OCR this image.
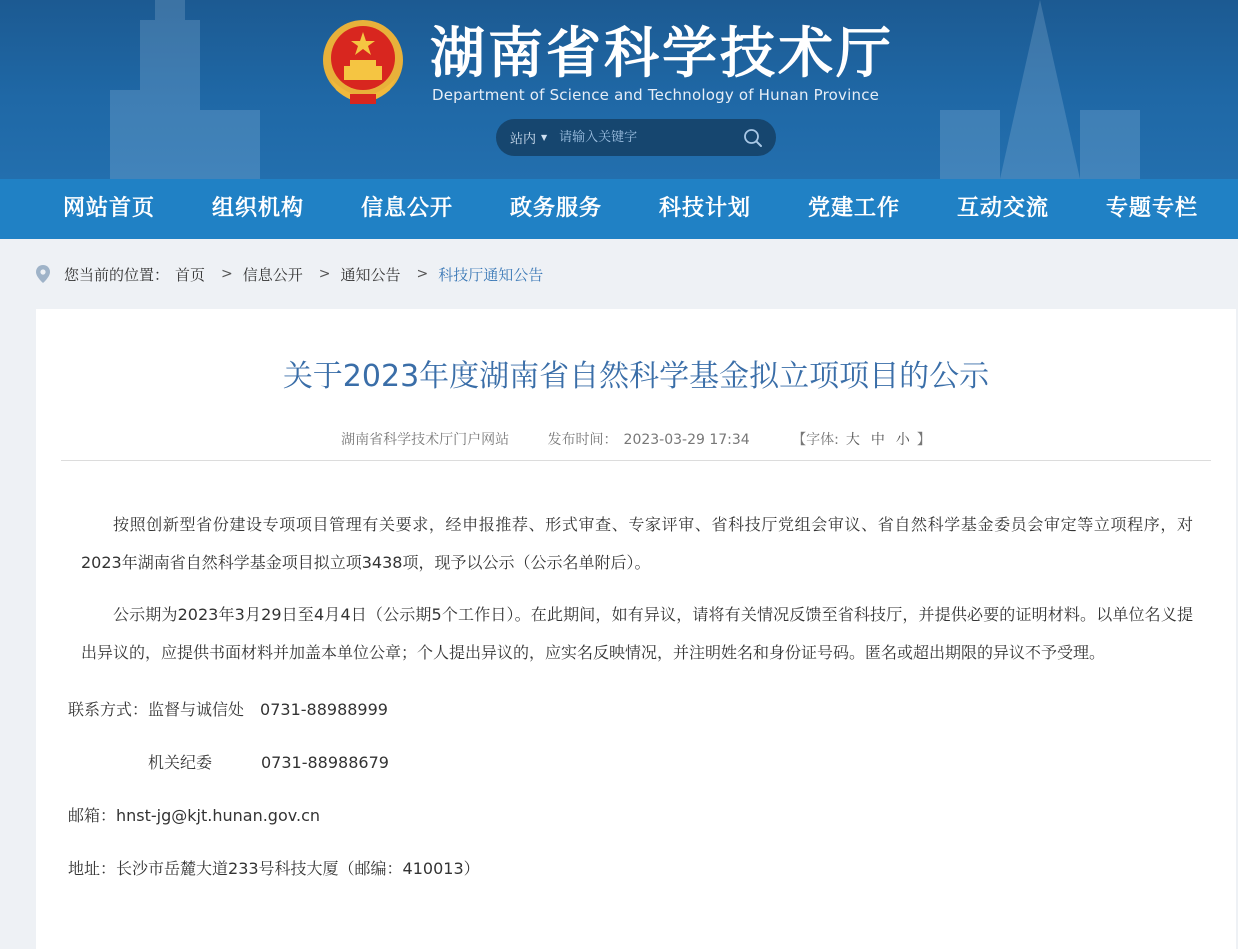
湖南省科学技术厅
Department of Science and Technology of Hunan Province
站内 ▼
请输入关键字
网站首页	组织机构	信息公开	政务服务	科技计划	党建工作	互动交流	专题专栏
您当前的位置： 首页 > 信息公开 > 通知公告 > 科技厅通知公告
关于2023年度湖南省自然科学基金拟立项项目的公示
湖南省科学技术厅门户网站	发布时间： 2023-03-29 17:34	【字体: 大 中 小 】

按照创新型省份建设专项项目管理有关要求，经申报推荐、形式审查、专家评审、省科技厅党组会审议、省自然科学基金委员会审定等立项程序，对2023年湖南省自然科学基金项目拟立项3438项，现予以公示（公示名单附后）。

公示期为2023年3月29日至4月4日（公示期5个工作日）。在此期间，如有异议，请将有关情况反馈至省科技厅，并提供必要的证明材料。以单位名义提出异议的，应提供书面材料并加盖本单位公章；个人提出异议的，应实名反映情况，并注明姓名和身份证号码。匿名或超出期限的异议不予受理。

联系方式：监督与诚信处 0731-88988999
机关纪委	0731-88988679
邮箱：hnst-jg@kjt.hunan.gov.cn
地址：长沙市岳麓大道233号科技大厦（邮编：410013）
